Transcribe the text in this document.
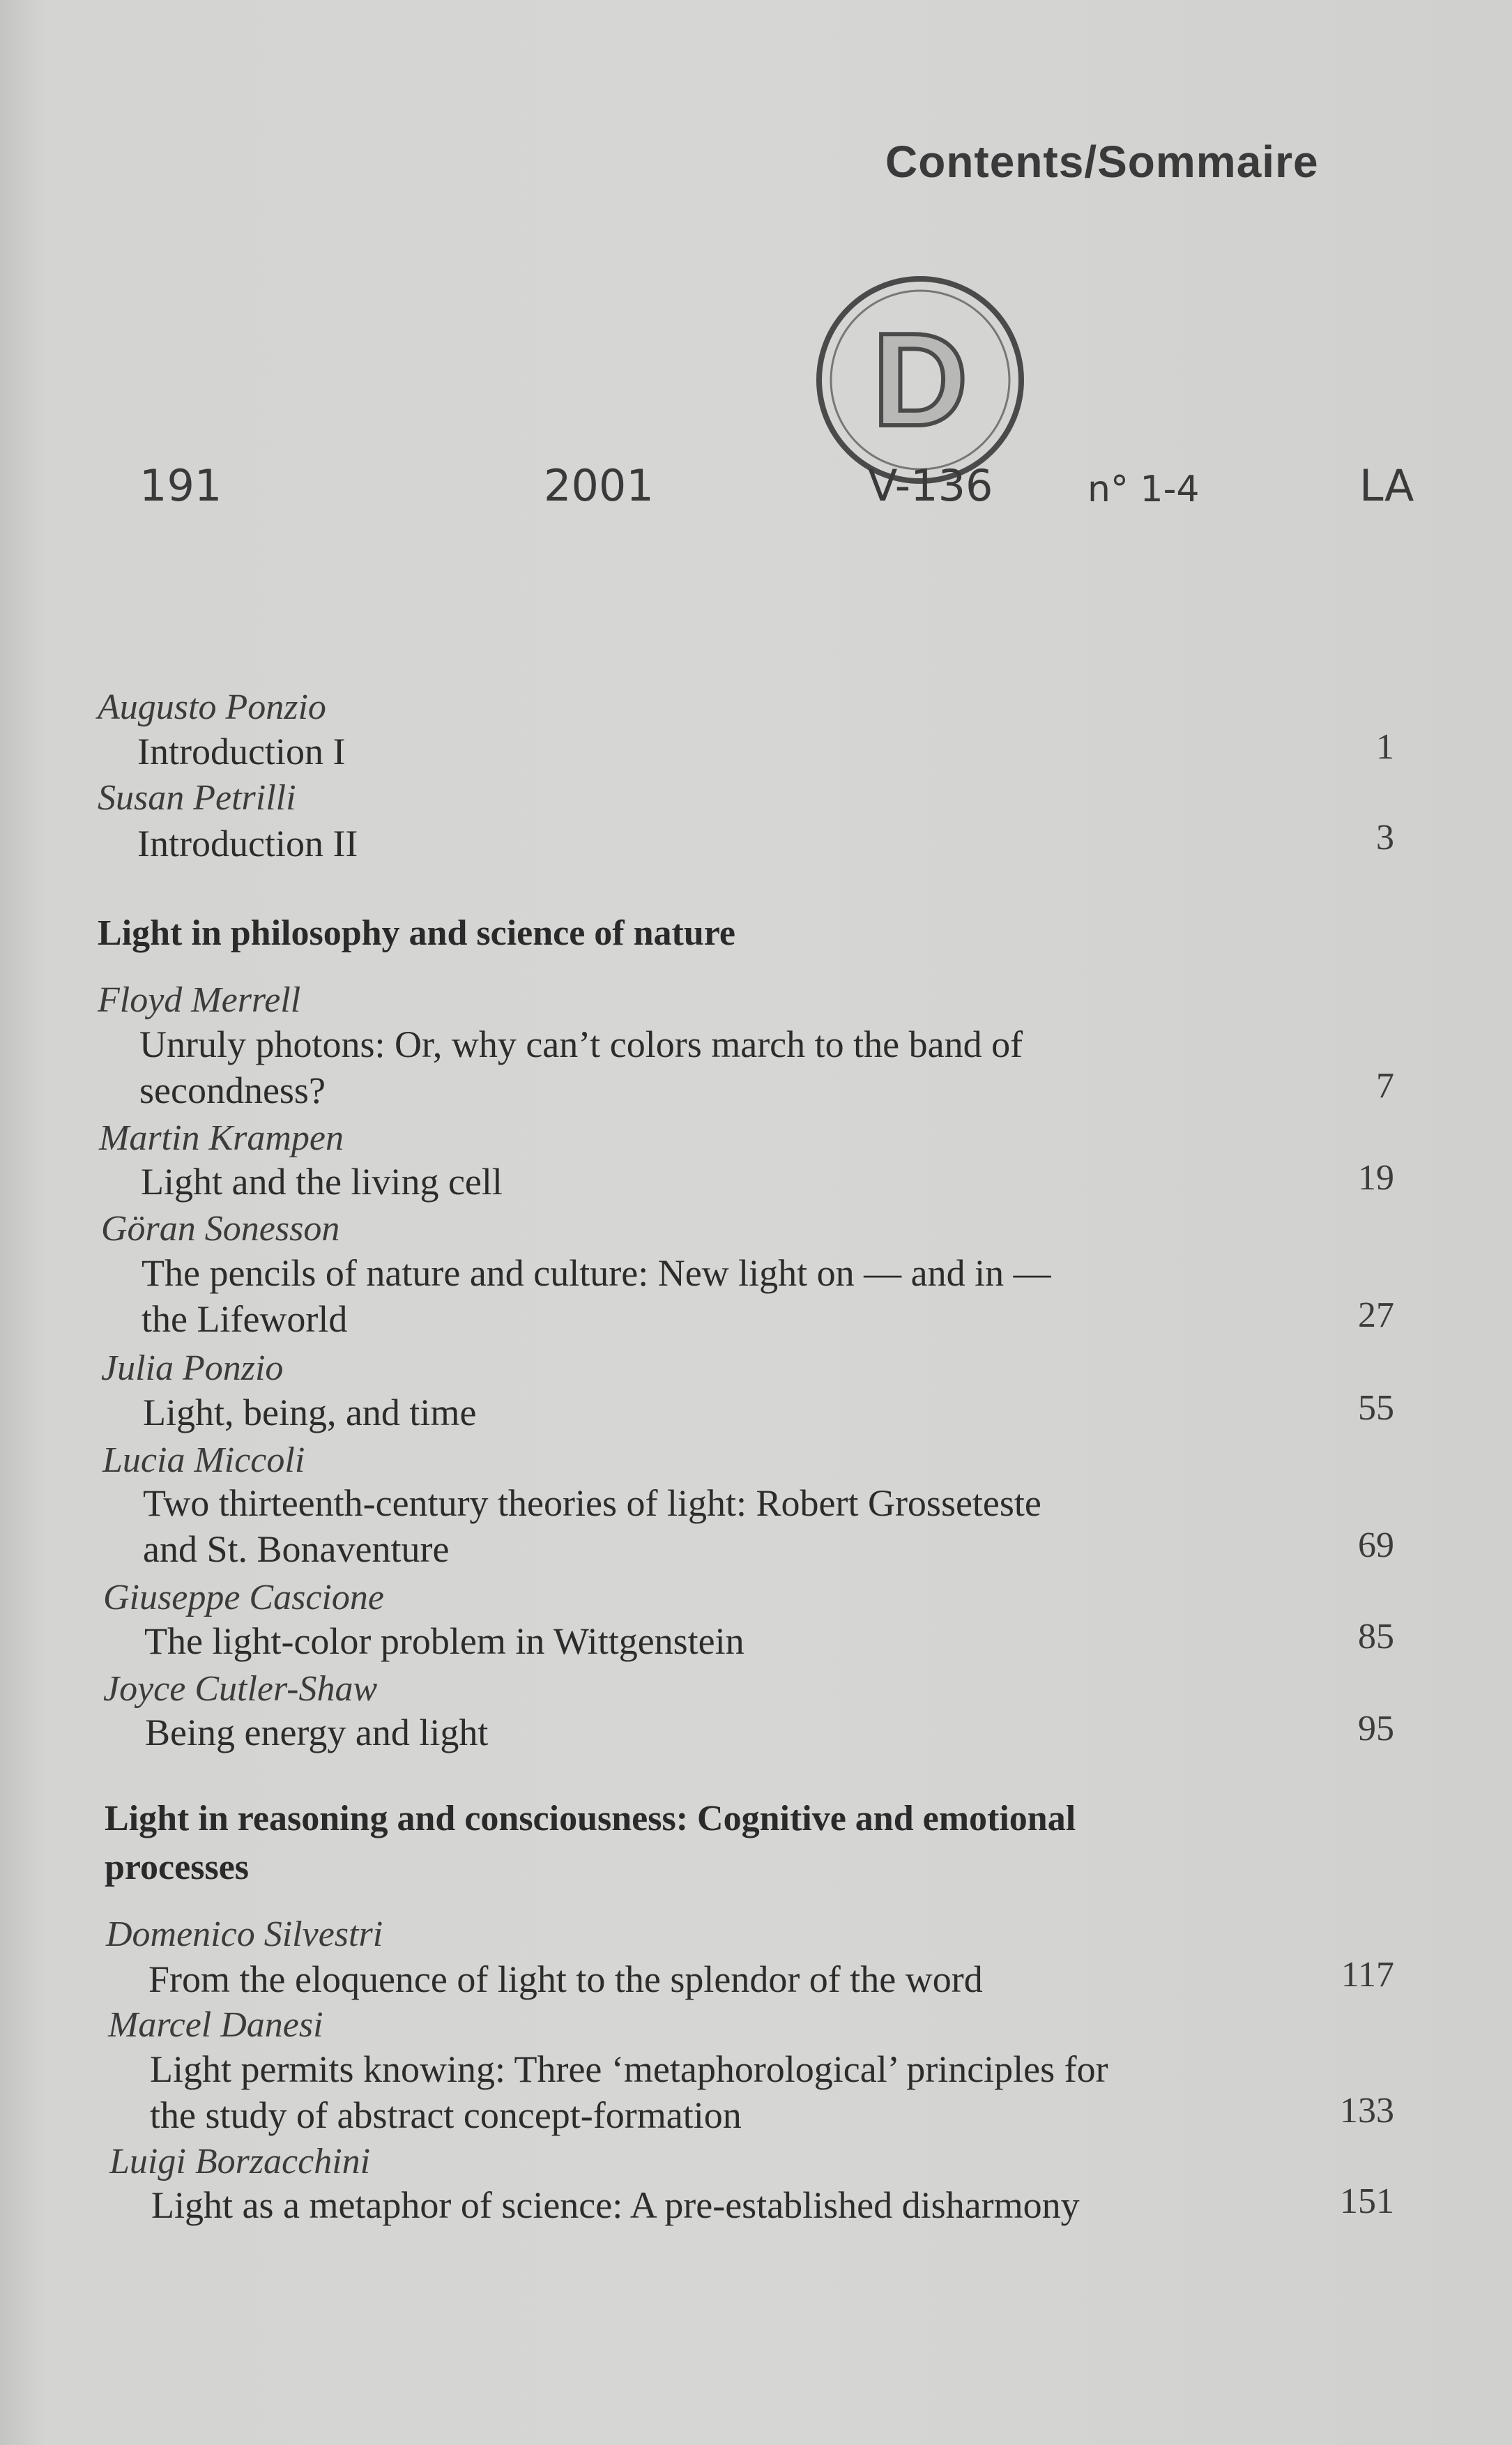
Contents/Sommaire
D
191	2001	V-136	n° 1-4	LA
Augusto Ponzio
Introduction I	1
Susan Petrilli
Introduction II	3
Light in philosophy and science of nature
Floyd Merrell
Unruly photons: Or, why can’t colors march to the band of
secondness?	7
Martin Krampen
Light and the living cell	19
Göran Sonesson
The pencils of nature and culture: New light on — and in —
the Lifeworld	27
Julia Ponzio
Light, being, and time	55
Lucia Miccoli
Two thirteenth-century theories of light: Robert Grosseteste
and St. Bonaventure	69
Giuseppe Cascione
The light-color problem in Wittgenstein	85
Joyce Cutler-Shaw
Being energy and light	95
Light in reasoning and consciousness: Cognitive and emotional
processes
Domenico Silvestri
From the eloquence of light to the splendor of the word	117
Marcel Danesi
Light permits knowing: Three ‘metaphorological’ principles for
the study of abstract concept-formation	133
Luigi Borzacchini
Light as a metaphor of science: A pre-established disharmony	151
